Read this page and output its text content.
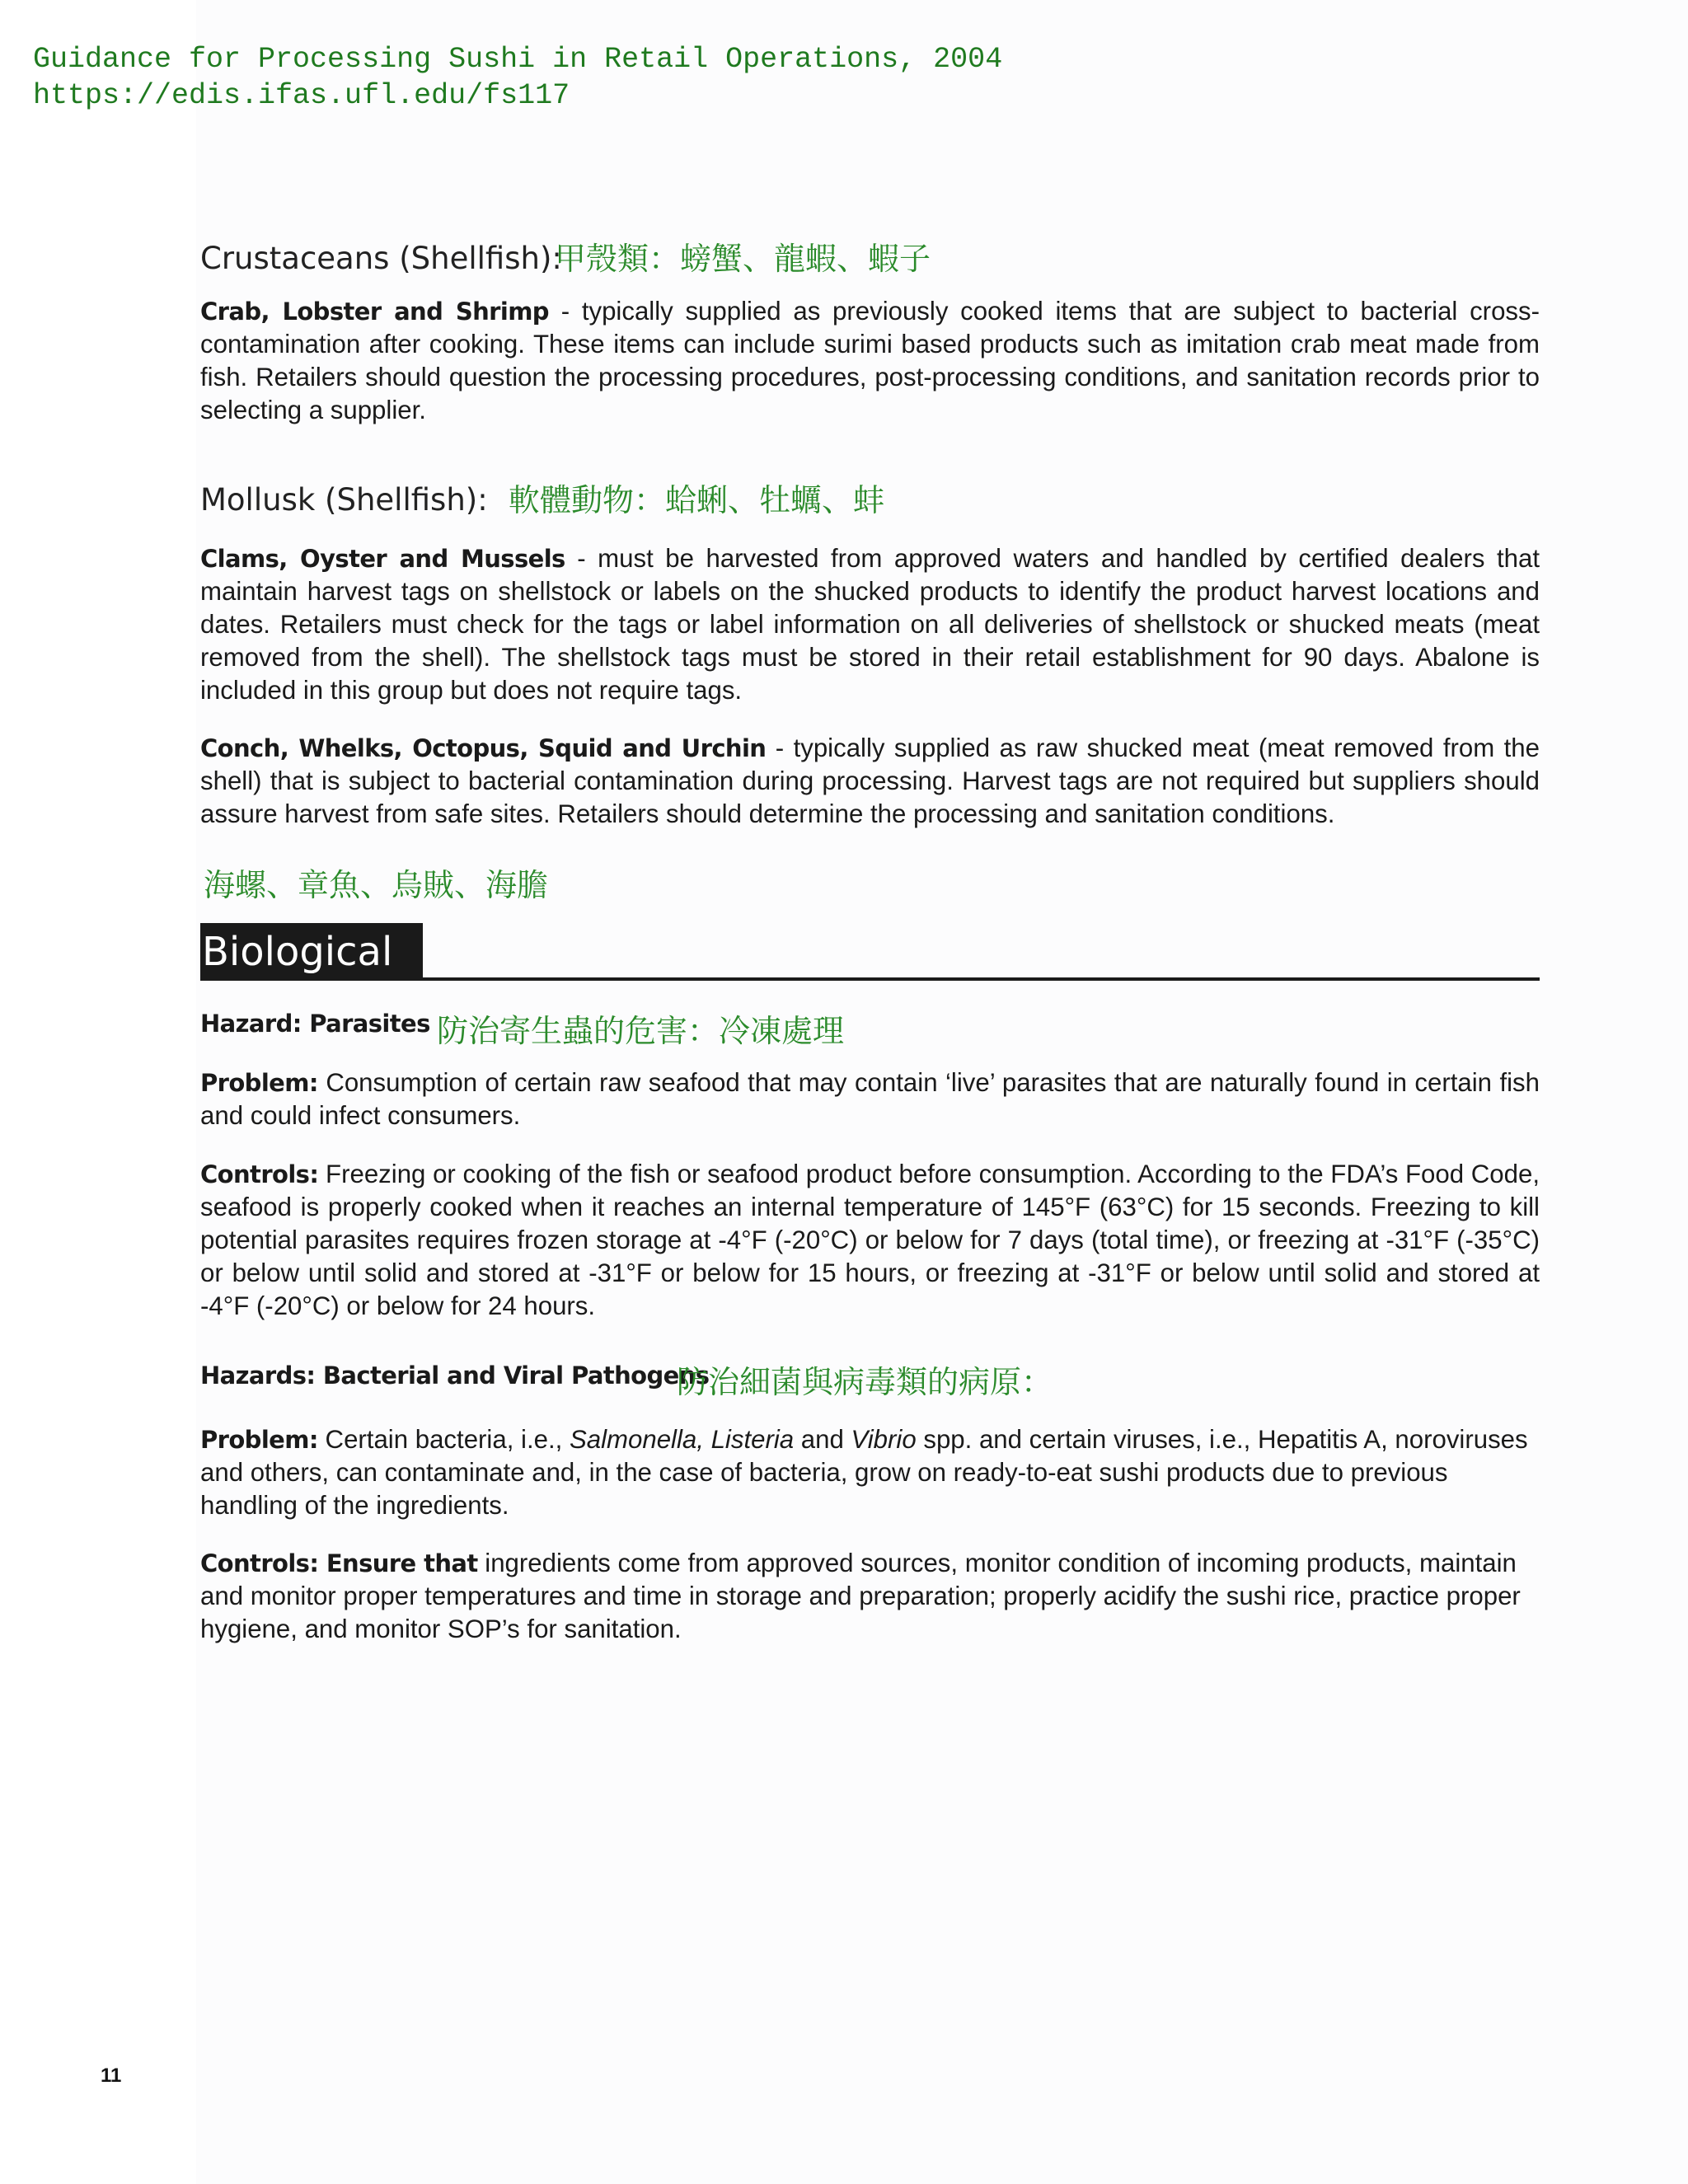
Guidance for Processing Sushi in Retail Operations, 2004
https://edis.ifas.ufl.edu/fs117
Crustaceans (Shellfish):
甲殼類：螃蟹、龍蝦、蝦子
Crab, Lobster and Shrimp - typically supplied as previously cooked items that are subject to bacterial cross-contamination after cooking. These items can include surimi based products such as imitation crab meat made from fish. Retailers should question the processing procedures, post-processing conditions, and sanitation records prior to selecting a supplier.
Mollusk (Shellfish): 軟體動物：蛤蜊、牡蠣、蚌
Clams, Oyster and Mussels - must be harvested from approved waters and handled by certified dealers that maintain harvest tags on shellstock or labels on the shucked products to identify the product harvest locations and dates. Retailers must check for the tags or label information on all deliveries of shellstock or shucked meats (meat removed from the shell). The shellstock tags must be stored in their retail establishment for 90 days. Abalone is included in this group but does not require tags.
Conch, Whelks, Octopus, Squid and Urchin - typically supplied as raw shucked meat (meat removed from the shell) that is subject to bacterial contamination during processing. Harvest tags are not required but suppliers should assure harvest from safe sites. Retailers should determine the processing and sanitation conditions.
海螺、章魚、烏賊、海膽
Biological
Hazard: Parasites 防治寄生蟲的危害：冷凍處理
Problem: Consumption of certain raw seafood that may contain ‘live’ parasites that are naturally found in certain fish and could infect consumers.
Controls: Freezing or cooking of the fish or seafood product before consumption. According to the FDA’s Food Code, seafood is properly cooked when it reaches an internal temperature of 145°F (63°C) for 15 seconds. Freezing to kill potential parasites requires frozen storage at -4°F (-20°C) or below for 7 days (total time), or freezing at -31°F (-35°C) or below until solid and stored at -31°F or below for 15 hours, or freezing at -31°F or below until solid and stored at -4°F (-20°C) or below for 24 hours.
Hazards: Bacterial and Viral Pathogens
防治細菌與病毒類的病原：
Problem: Certain bacteria, i.e., Salmonella, Listeria and Vibrio spp. and certain viruses, i.e., Hepatitis A, noroviruses and others, can contaminate and, in the case of bacteria, grow on ready-to-eat sushi products due to previous handling of the ingredients.
Controls: Ensure that ingredients come from approved sources, monitor condition of incoming products, maintain and monitor proper temperatures and time in storage and preparation; properly acidify the sushi rice, practice proper hygiene, and monitor SOP’s for sanitation.
11
